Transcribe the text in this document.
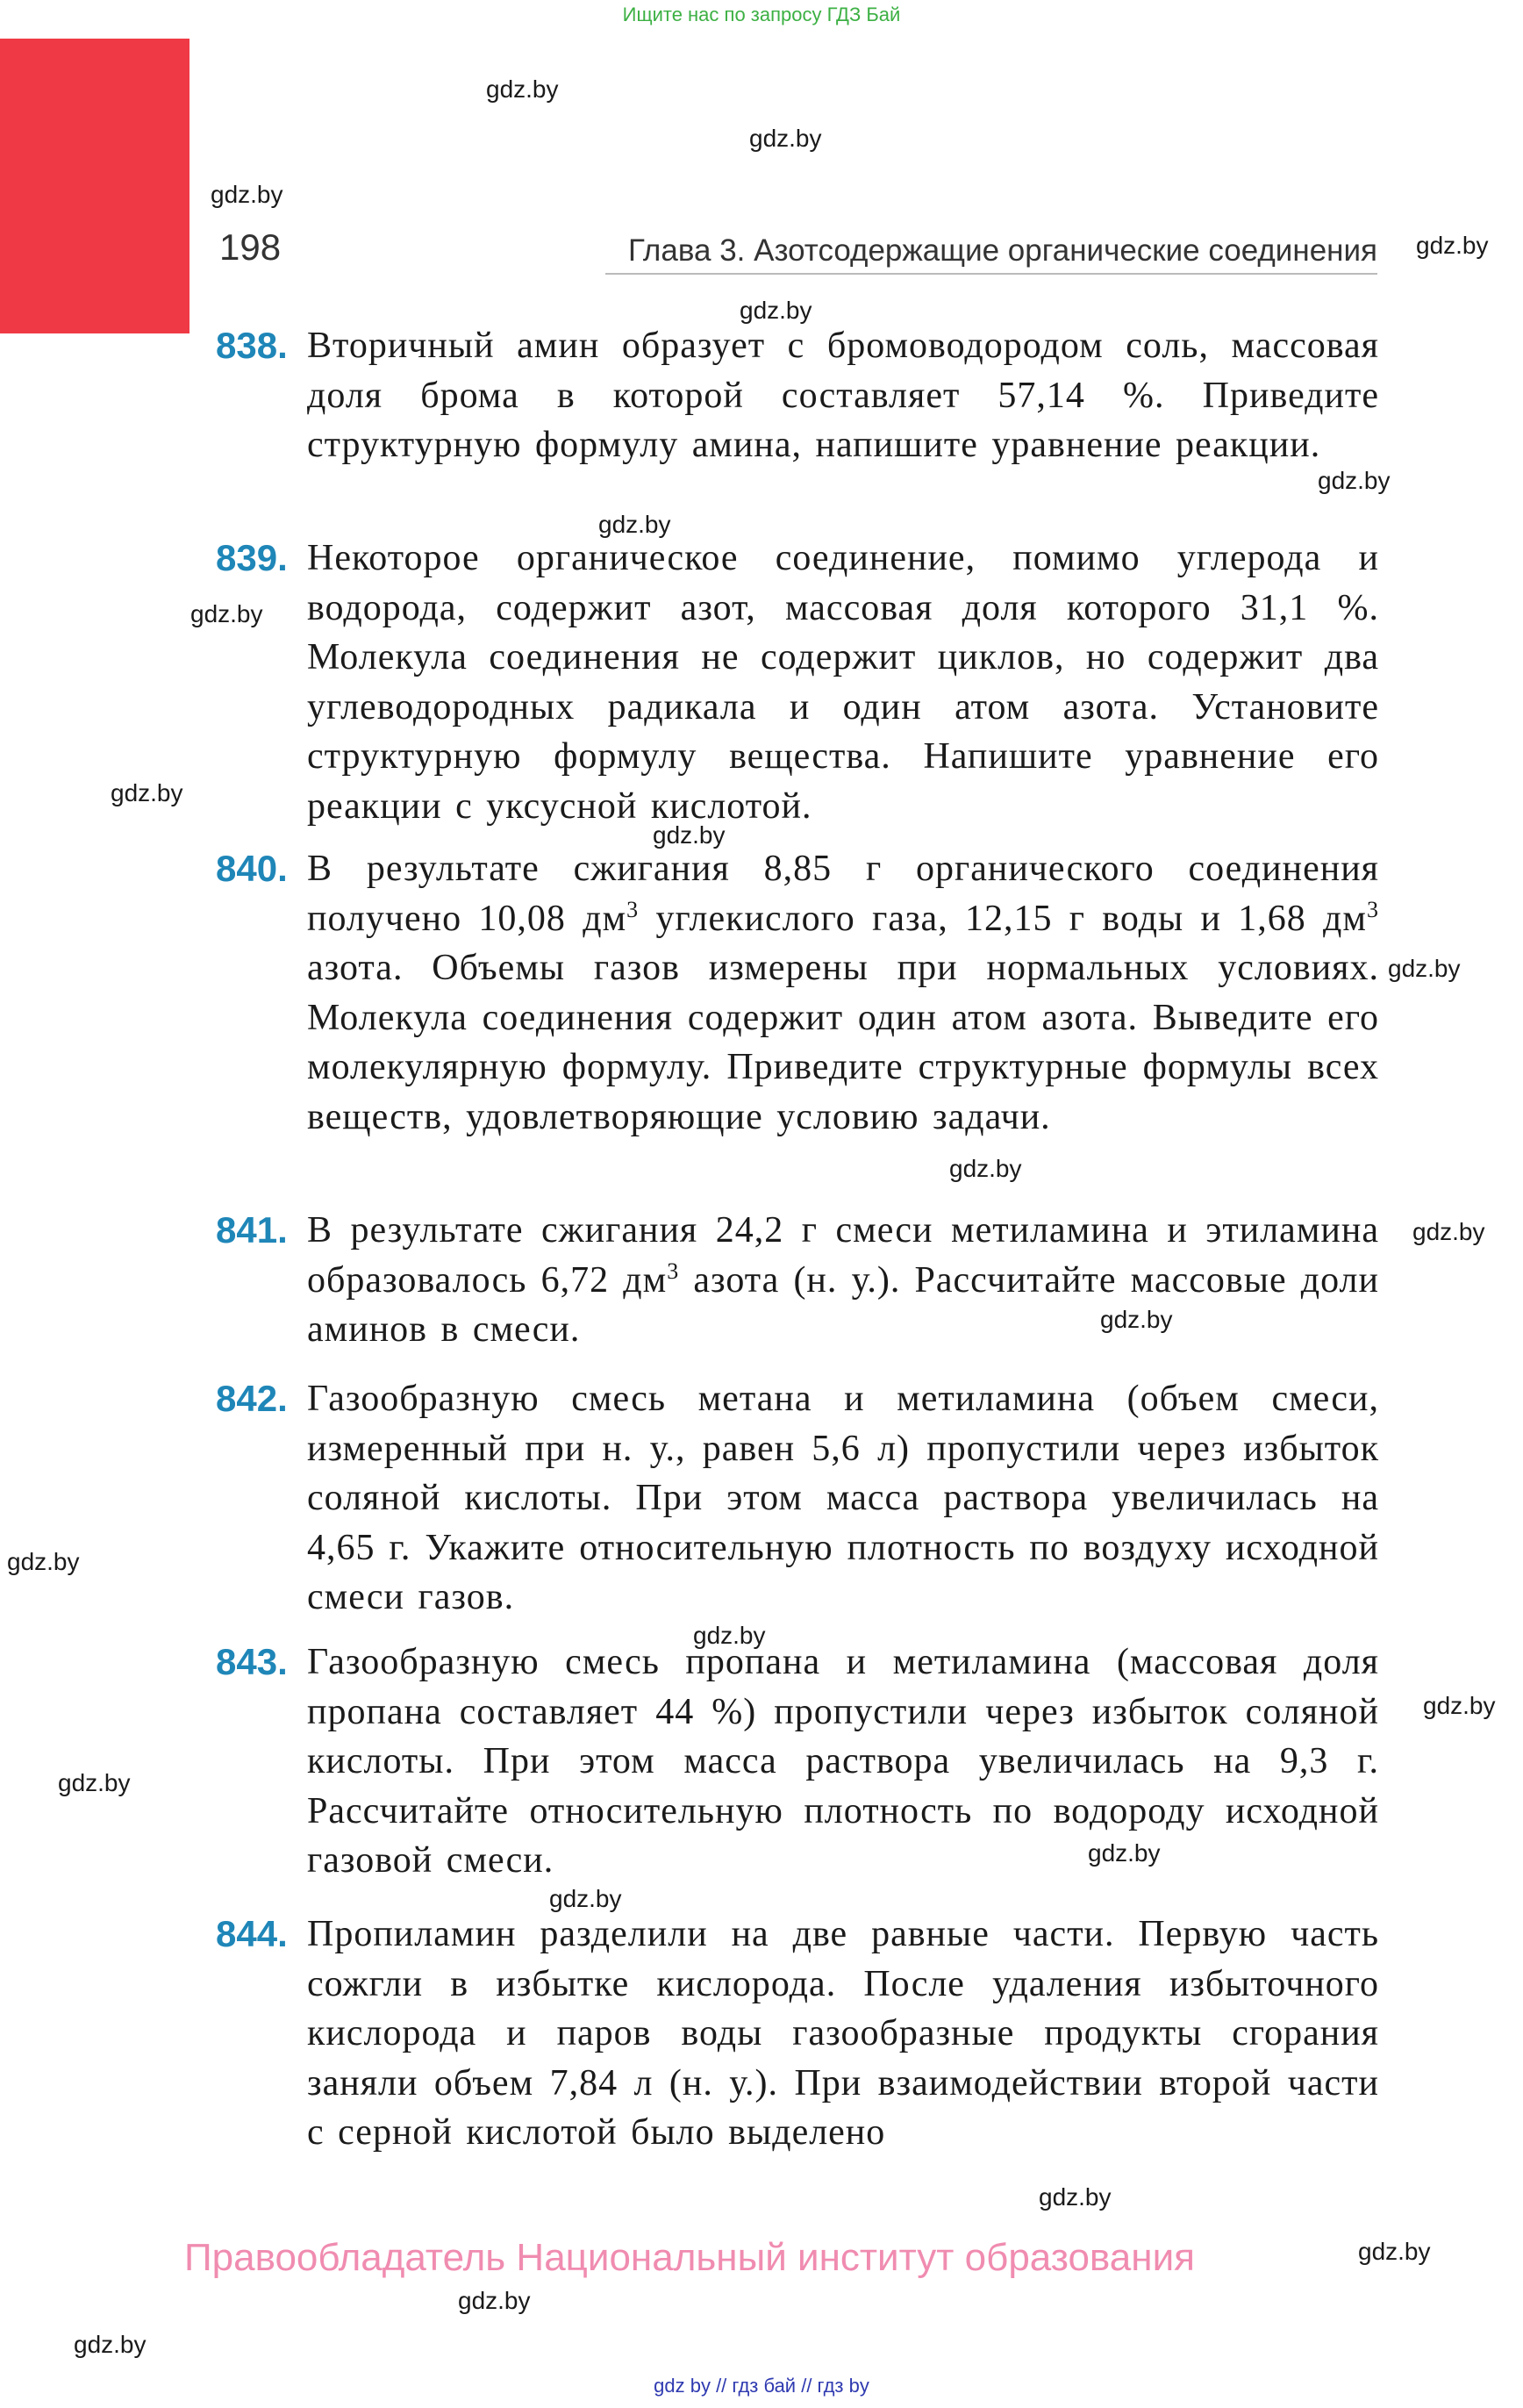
Ищите нас по запросу ГДЗ Бай
198	Глава 3. Азотсодержащие органические соединения
gdz.by
gdz.by
gdz.by
gdz.by
gdz.by
gdz.by
gdz.by
gdz.by
gdz.by
gdz.by
gdz.by
gdz.by
gdz.by
gdz.by
gdz.by
gdz.by
gdz.by
gdz.by
gdz.by
gdz.by
gdz.by
gdz.by
gdz.by
gdz.by
838. Вторичный амин образует с бромоводородом соль, массовая доля брома в которой составляет 57,14 %. Приведите структурную формулу амина, напишите уравнение реакции.
839. Некоторое органическое соединение, помимо углерода и водорода, содержит азот, массовая доля которого 31,1 %. Молекула соединения не содержит циклов, но содержит два углеводородных радикала и один атом азота. Установите структурную формулу вещества. Напишите уравнение его реакции с уксусной кислотой.
840. В результате сжигания 8,85 г органического соединения получено 10,08 $дм^3$ углекислого газа, 12,15 г воды и 1,68 $дм^3$ азота. Объемы газов измерены при нормальных условиях. Молекула соединения содержит один атом азота. Выведите его молекулярную формулу. Приведите структурные формулы всех веществ, удовлетворяющие условию задачи.
841. В результате сжигания 24,2 г смеси метиламина и этиламина образовалось 6,72 $дм^3$ азота (н. у.). Рассчитайте массовые доли аминов в смеси.
842. Газообразную смесь метана и метиламина (объем смеси, измеренный при н. у., равен 5,6 л) пропустили через избыток соляной кислоты. При этом масса раствора увеличилась на 4,65 г. Укажите относительную плотность по воздуху исходной смеси газов.
843. Газообразную смесь пропана и метиламина (массовая доля пропана составляет 44 %) пропустили через избыток соляной кислоты. При этом масса раствора увеличилась на 9,3 г. Рассчитайте относительную плотность по водороду исходной газовой смеси.
844. Пропиламин разделили на две равные части. Первую часть сожгли в избытке кислорода. После удаления избыточного кислорода и паров воды газообразные продукты сгорания заняли объем 7,84 л (н. у.). При взаимодействии второй части с серной кислотой было выделено
Правообладатель Национальный институт образования
gdz by // гдз бай // гдз by
